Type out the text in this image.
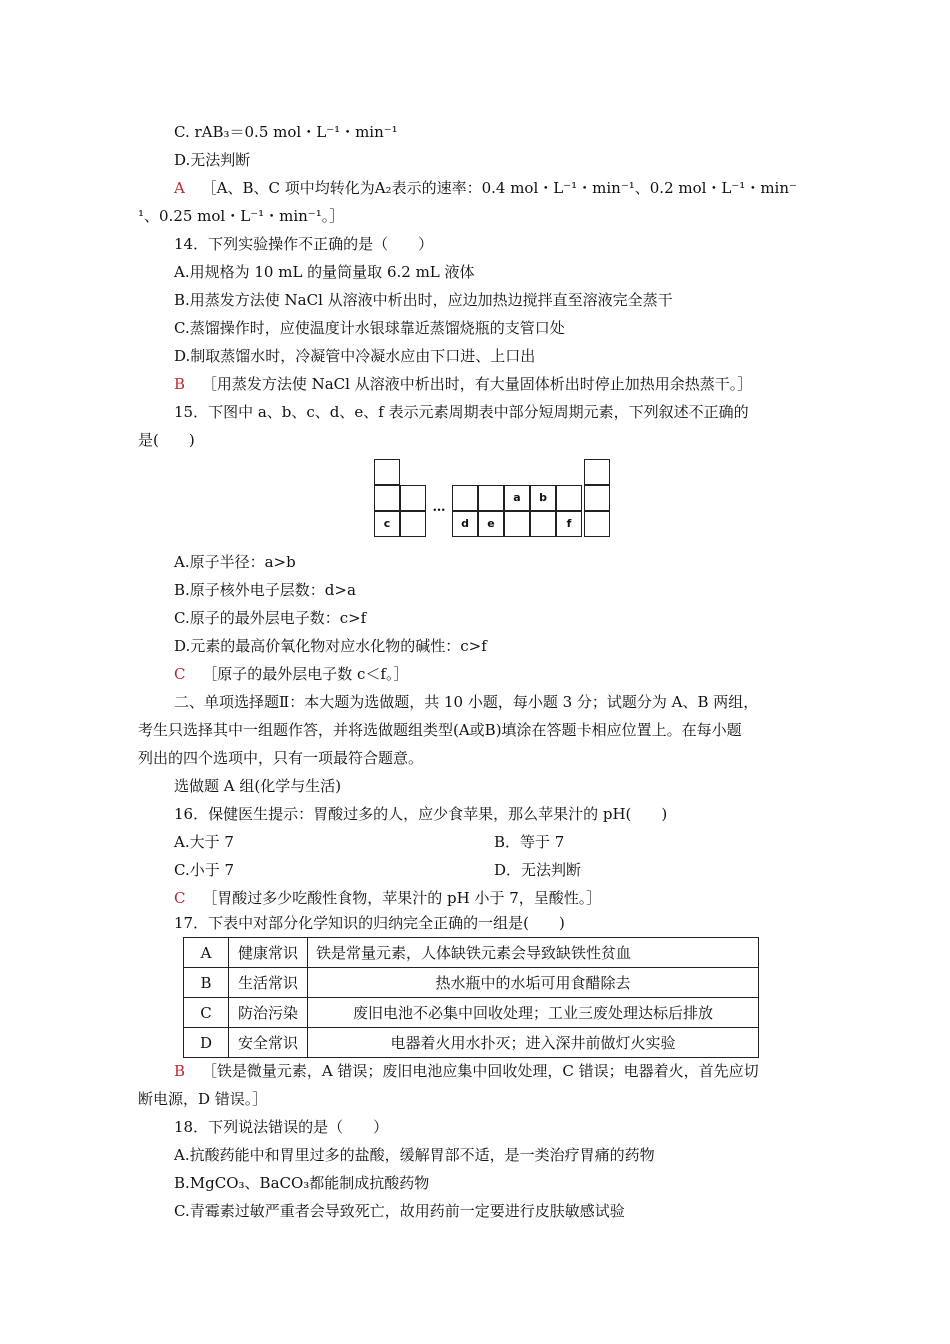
C. rAB₃＝0.5 mol・L⁻¹・min⁻¹
D.无法判断
A ［A、B、C 项中均转化为A₂表示的速率：0.4 mol・L⁻¹・min⁻¹、0.2 mol・L⁻¹・min⁻
¹、0.25 mol・L⁻¹・min⁻¹。］
14．下列实验操作不正确的是（　　）
A.用规格为 10 mL 的量筒量取 6.2 mL 液体
B.用蒸发方法使 NaCl 从溶液中析出时，应边加热边搅拌直至溶液完全蒸干
C.蒸馏操作时，应使温度计水银球靠近蒸馏烧瓶的支管口处
D.制取蒸馏水时，冷凝管中冷凝水应由下口进、上口出
B ［用蒸发方法使 NaCl 从溶液中析出时，有大量固体析出时停止加热用余热蒸干。］
15．下图中 a、b、c、d、e、f 表示元素周期表中部分短周期元素，下列叙述不正确的
是(　　)
a	b
c	d	e	f
…
A.原子半径：a>b
B.原子核外电子层数：d>a
C.原子的最外层电子数：c>f
D.元素的最高价氧化物对应水化物的碱性：c>f
C ［原子的最外层电子数 c＜f。］
二、单项选择题Ⅱ：本大题为选做题，共 10 小题，每小题 3 分；试题分为 A、B 两组，
考生只选择其中一组题作答，并将选做题组类型(A或B)填涂在答题卡相应位置上。在每小题
列出的四个选项中，只有一项最符合题意。
选做题 A 组(化学与生活)
16．保健医生提示：胃酸过多的人，应少食苹果，那么苹果汁的 pH(　　)
A.大于 7	B．等于 7
C.小于 7	D．无法判断
C ［胃酸过多少吃酸性食物，苹果汁的 pH 小于 7，呈酸性。］
17．下表中对部分化学知识的归纳完全正确的一组是(　　)
A	健康常识	铁是常量元素，人体缺铁元素会导致缺铁性贫血
B	生活常识	热水瓶中的水垢可用食醋除去
C	防治污染	废旧电池不必集中回收处理；工业三废处理达标后排放
D	安全常识	电器着火用水扑灭；进入深井前做灯火实验
B ［铁是微量元素，A 错误；废旧电池应集中回收处理，C 错误；电器着火，首先应切
断电源，D 错误。］
18．下列说法错误的是（　　）
A.抗酸药能中和胃里过多的盐酸，缓解胃部不适，是一类治疗胃痛的药物
B.MgCO₃、BaCO₃都能制成抗酸药物
C.青霉素过敏严重者会导致死亡，故用药前一定要进行皮肤敏感试验
